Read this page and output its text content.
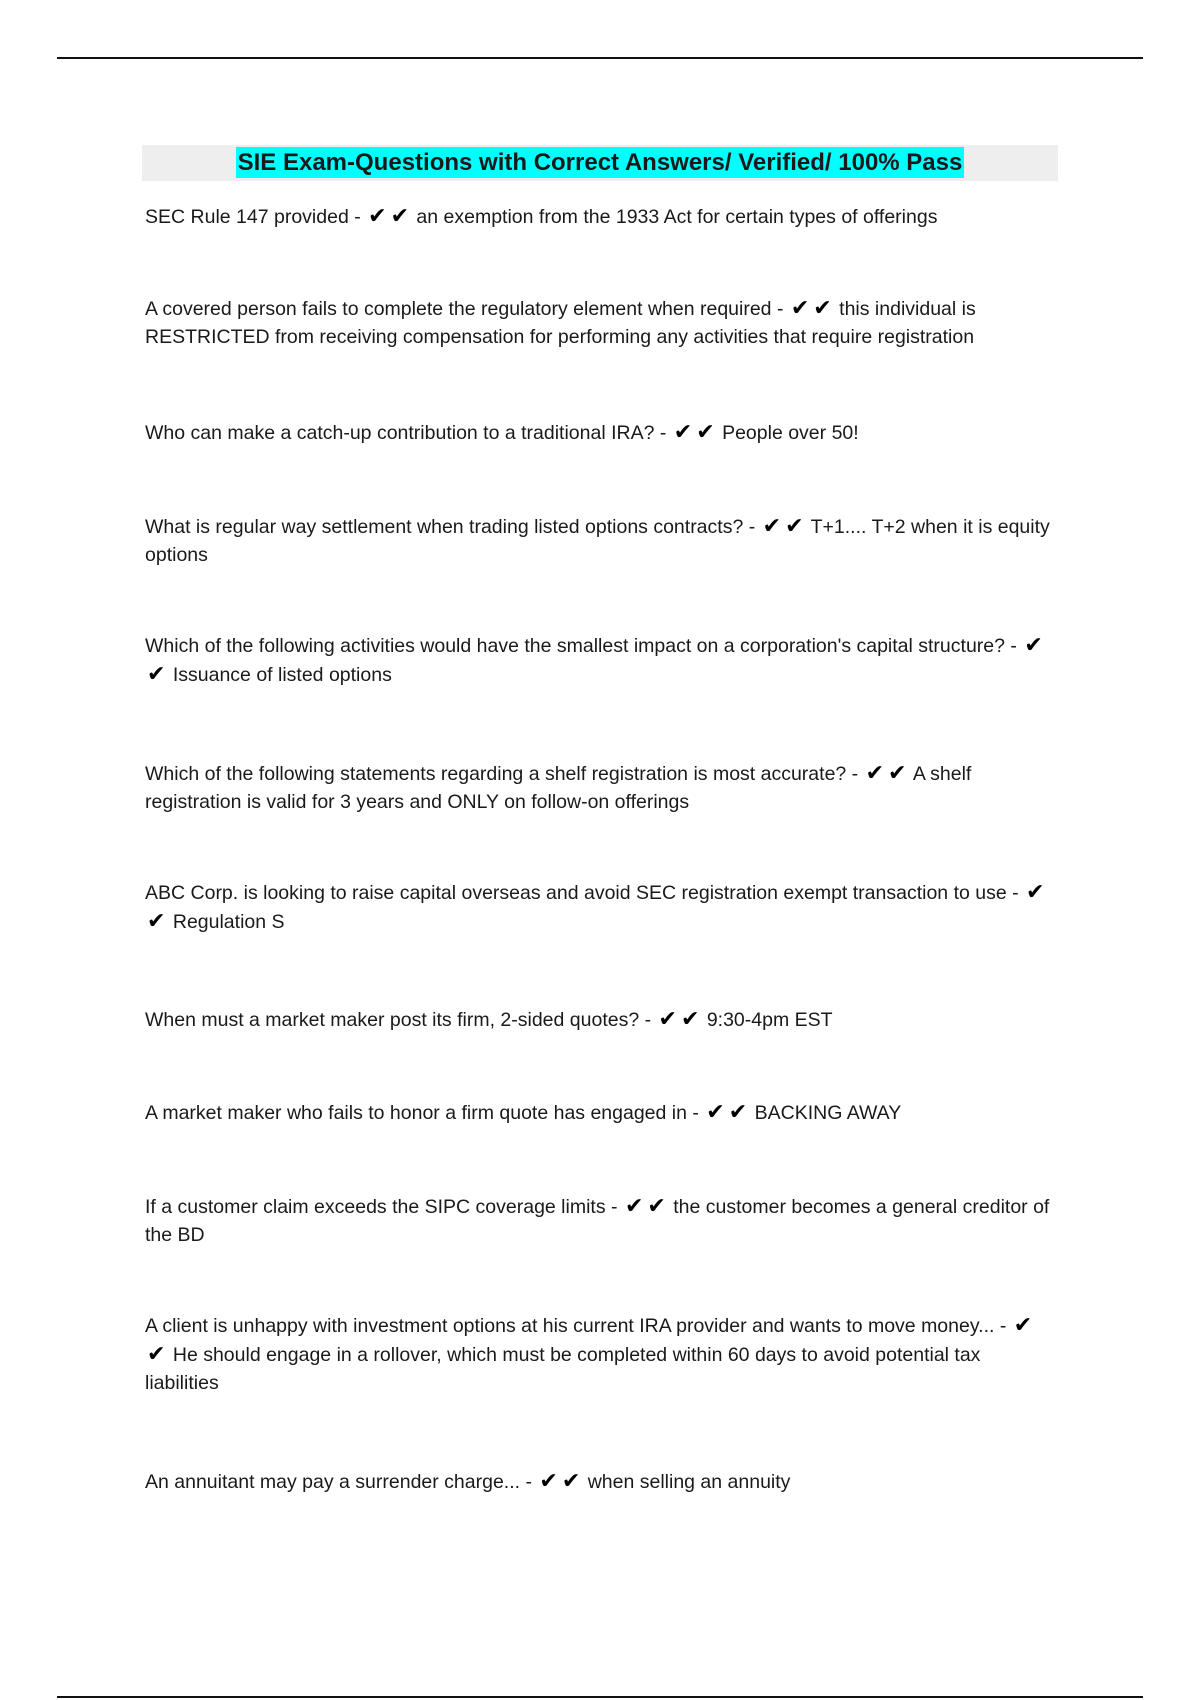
SIE Exam-Questions with Correct Answers/ Verified/ 100% Pass

SEC Rule 147 provided - ✔ ✔ an exemption from the 1933 Act for certain types of offerings

A covered person fails to complete the regulatory element when required - ✔ ✔ this individual is RESTRICTED from receiving compensation for performing any activities that require registration

Who can make a catch-up contribution to a traditional IRA? - ✔ ✔ People over 50!

What is regular way settlement when trading listed options contracts? - ✔ ✔ T+1.... T+2 when it is equity options

Which of the following activities would have the smallest impact on a corporation's capital structure? - ✔✔ Issuance of listed options

Which of the following statements regarding a shelf registration is most accurate? - ✔ ✔ A shelf registration is valid for 3 years and ONLY on follow-on offerings

ABC Corp. is looking to raise capital overseas and avoid SEC registration exempt transaction to use - ✔✔ Regulation S

When must a market maker post its firm, 2-sided quotes? - ✔ ✔ 9:30-4pm EST

A market maker who fails to honor a firm quote has engaged in - ✔ ✔ BACKING AWAY

If a customer claim exceeds the SIPC coverage limits - ✔ ✔ the customer becomes a general creditor of the BD

A client is unhappy with investment options at his current IRA provider and wants to move money... - ✔✔ He should engage in a rollover, which must be completed within 60 days to avoid potential tax liabilities

An annuitant may pay a surrender charge... - ✔ ✔ when selling an annuity
